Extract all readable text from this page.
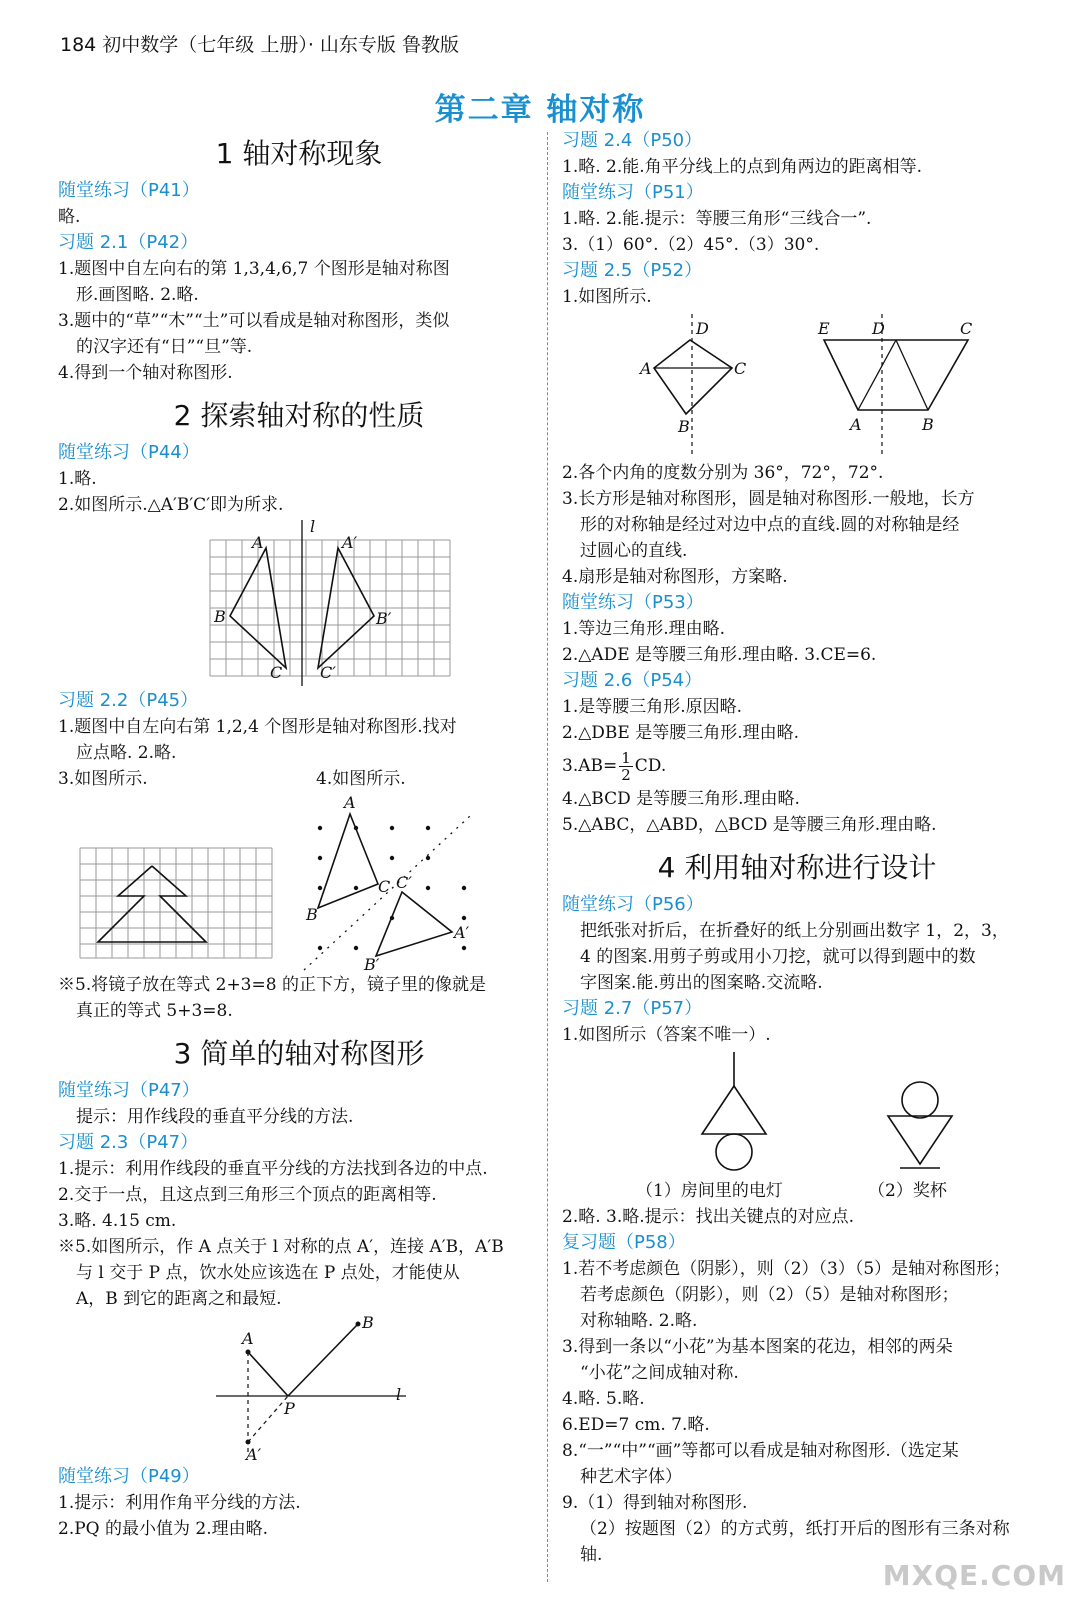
184 初中数学（七年级 上册）· 山东专版 鲁教版
第二章 轴对称
1 轴对称现象
随堂练习（P41）
略.
习题 2.1（P42）
1.题图中自左向右的第 1,3,4,6,7 个图形是轴对称图
形.画图略. 2.略.
3.题中的“草”“木”“土”可以看成是轴对称图形，类似
的汉字还有“日”“旦”等.
4.得到一个轴对称图形.
2 探索轴对称的性质
随堂练习（P44）
1.略.
2.如图所示.△A′B′C′即为所求.
A
B
C
l
A′
B′
C′
习题 2.2（P45）
1.题图中自左向右第 1,2,4 个图形是轴对称图形.找对
应点略. 2.略.
3.如图所示.	4.如图所示.
A
B
C C′
A′
B′
※5.将镜子放在等式 2+3=8 的正下方，镜子里的像就是
真正的等式 5+3=8.
3 简单的轴对称图形
随堂练习（P47）
提示：用作线段的垂直平分线的方法.
习题 2.3（P47）
1.提示：利用作线段的垂直平分线的方法找到各边的中点.
2.交于一点，且这点到三角形三个顶点的距离相等.
3.略. 4.15 cm.
※5.如图所示，作 A 点关于 l 对称的点 A′，连接 A′B，A′B
与 l 交于 P 点，饮水处应该选在 P 点处，才能使从
A，B 到它的距离之和最短.
A
B
P
l
A′
随堂练习（P49）
1.提示：利用作角平分线的方法.
2.PQ 的最小值为 2.理由略.
习题 2.4（P50）
1.略. 2.能.角平分线上的点到角两边的距离相等.
随堂练习（P51）
1.略. 2.能.提示：等腰三角形“三线合一”.
3.（1）60°.（2）45°.（3）30°.
习题 2.5（P52）
1.如图所示.
D
A	C
B
E	D	C
A	B
2.各个内角的度数分别为 36°，72°，72°.
3.长方形是轴对称图形，圆是轴对称图形.一般地，长方
形的对称轴是经过对边中点的直线.圆的对称轴是经
过圆心的直线.
4.扇形是轴对称图形，方案略.
随堂练习（P53）
1.等边三角形.理由略.
2.△ADE 是等腰三角形.理由略. 3.CE=6.
习题 2.6（P54）
1.是等腰三角形.原因略.
2.△DBE 是等腰三角形.理由略.
$3.AB= \frac{1}{2}$ CD.
4.△BCD 是等腰三角形.理由略.
5.△ABC，△ABD，△BCD 是等腰三角形.理由略.
4 利用轴对称进行设计
随堂练习（P56）
把纸张对折后，在折叠好的纸上分别画出数字 1，2，3，
4 的图案.用剪子剪或用小刀挖，就可以得到题中的数
字图案.能.剪出的图案略.交流略.
习题 2.7（P57）
1.如图所示（答案不唯一）.
（1）房间里的电灯	（2）奖杯
2.略. 3.略.提示：找出关键点的对应点.
复习题（P58）
1.若不考虑颜色（阴影），则（2）（3）（5）是轴对称图形；
若考虑颜色（阴影），则（2）（5）是轴对称图形；
对称轴略. 2.略.
3.得到一条以“小花”为基本图案的花边，相邻的两朵
“小花”之间成轴对称.
4.略. 5.略.
6.ED=7 cm. 7.略.
8.“一”“中”“画”等都可以看成是轴对称图形.（选定某
种艺术字体）
9.（1）得到轴对称图形.
（2）按题图（2）的方式剪，纸打开后的图形有三条对称轴.
MXQE.COM
